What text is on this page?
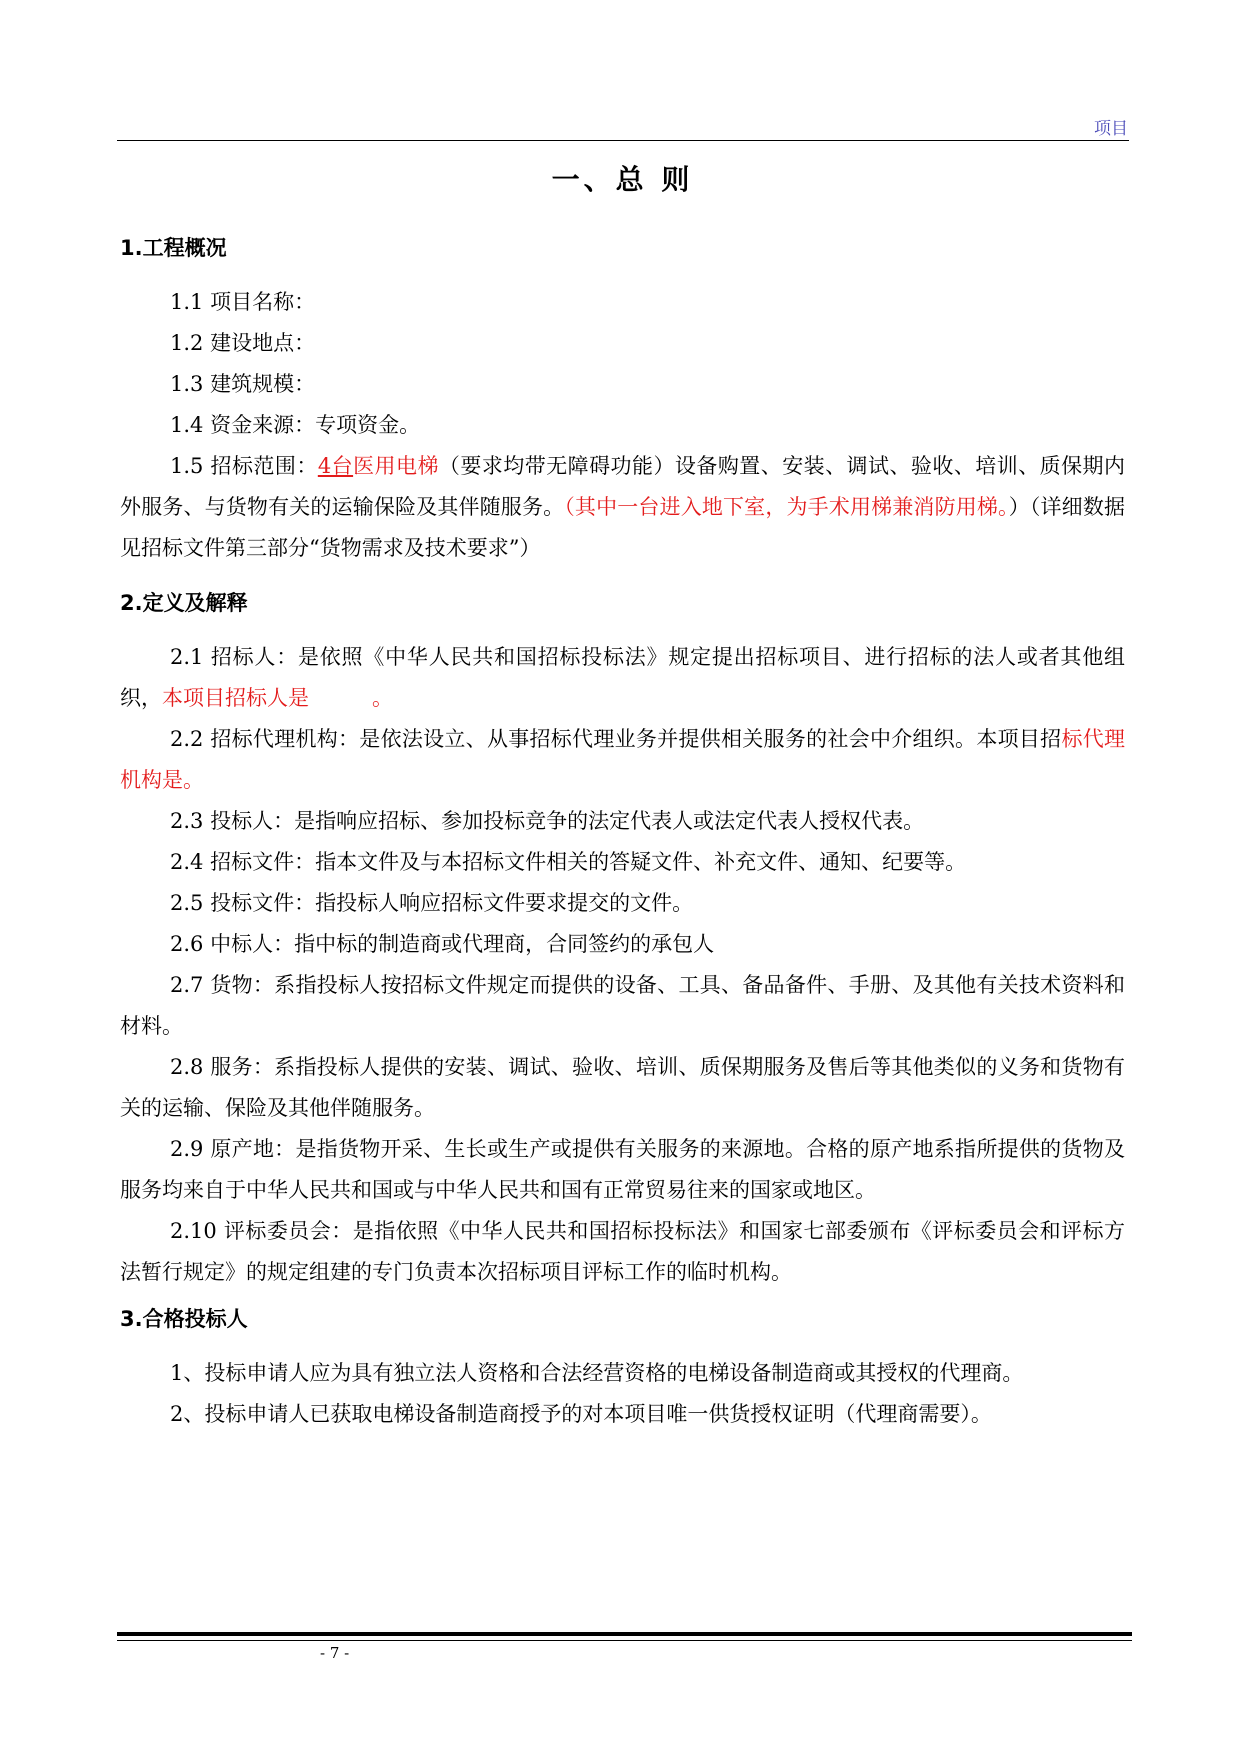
项目
一、总 则
1.工程概况

1.1 项目名称：

1.2 建设地点：

1.3 建筑规模：

1.4 资金来源：专项资金。

1.5 招标范围：4台医用电梯（要求均带无障碍功能）设备购置、安装、调试、验收、培训、质保期内外服务、与货物有关的运输保险及其伴随服务。（其中一台进入地下室，为手术用梯兼消防用梯。）（详细数据见招标文件第三部分“货物需求及技术要求”）

2.定义及解释

2.1 招标人：是依照《中华人民共和国招标投标法》规定提出招标项目、进行招标的法人或者其他组织，本项目招标人是　　　。

2.2 招标代理机构：是依法设立、从事招标代理业务并提供相关服务的社会中介组织。本项目招标代理机构是。

2.3 投标人：是指响应招标、参加投标竞争的法定代表人或法定代表人授权代表。

2.4 招标文件：指本文件及与本招标文件相关的答疑文件、补充文件、通知、纪要等。

2.5 投标文件：指投标人响应招标文件要求提交的文件。

2.6 中标人：指中标的制造商或代理商，合同签约的承包人

2.7 货物：系指投标人按招标文件规定而提供的设备、工具、备品备件、手册、及其他有关技术资料和材料。

2.8 服务：系指投标人提供的安装、调试、验收、培训、质保期服务及售后等其他类似的义务和货物有关的运输、保险及其他伴随服务。

2.9 原产地：是指货物开采、生长或生产或提供有关服务的来源地。合格的原产地系指所提供的货物及服务均来自于中华人民共和国或与中华人民共和国有正常贸易往来的国家或地区。

2.10 评标委员会：是指依照《中华人民共和国招标投标法》和国家七部委颁布《评标委员会和评标方法暂行规定》的规定组建的专门负责本次招标项目评标工作的临时机构。

3.合格投标人

1、投标申请人应为具有独立法人资格和合法经营资格的电梯设备制造商或其授权的代理商。

2、投标申请人已获取电梯设备制造商授予的对本项目唯一供货授权证明（代理商需要）。

- 7 -
